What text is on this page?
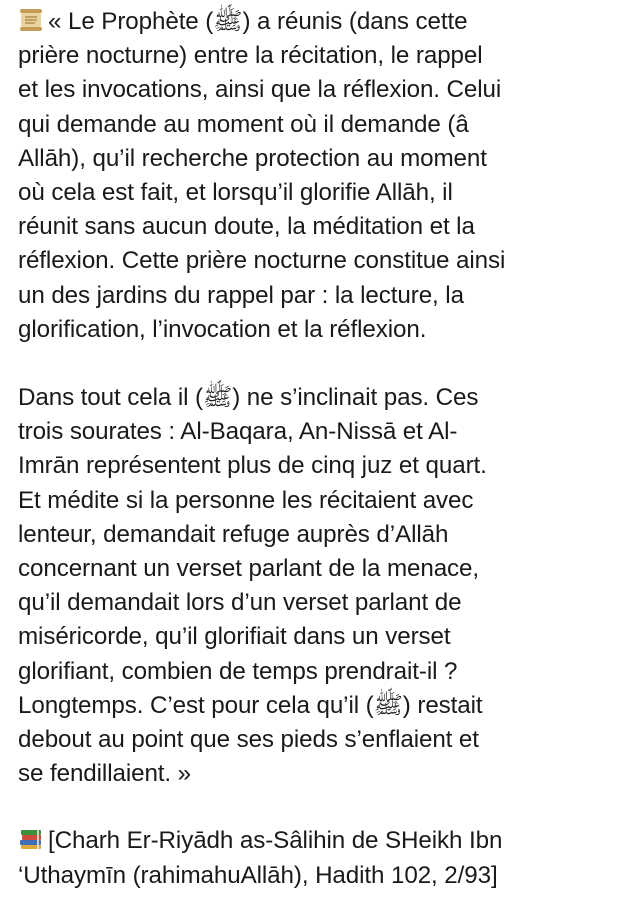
« Le Prophète (ﷺ) a réunis (dans cette
prière nocturne) entre la récitation, le rappel
et les invocations, ainsi que la réflexion. Celui
qui demande au moment où il demande (â
Allāh), qu’il recherche protection au moment
où cela est fait, et lorsqu’il glorifie Allāh, il
réunit sans aucun doute, la méditation et la
réflexion. Cette prière nocturne constitue ainsi
un des jardins du rappel par : la lecture, la
glorification, l’invocation et la réflexion.

Dans tout cela il (ﷺ) ne s’inclinait pas. Ces
trois sourates : Al-Baqara, An-Nissā et Al-
Imrān représentent plus de cinq juz et quart.
Et médite si la personne les récitaient avec
lenteur, demandait refuge auprès d’Allāh
concernant un verset parlant de la menace,
qu’il demandait lors d’un verset parlant de
miséricorde, qu’il glorifiait dans un verset
glorifiant, combien de temps prendrait-il ?
Longtemps. C’est pour cela qu’il (ﷺ) restait
debout au point que ses pieds s’enflaient et
se fendillaient. »

[Charh Er-Riyādh as-Sâlihin de SHeikh Ibn
‘Uthaymīn (rahimahuAllāh), Hadith 102, 2/93]
